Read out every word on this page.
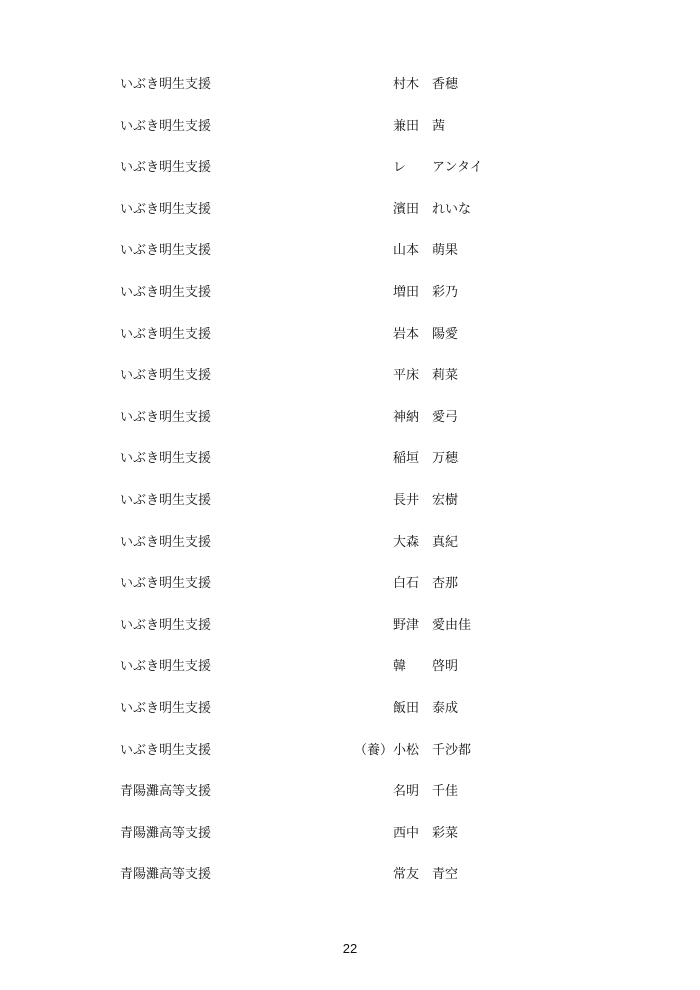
いぶき明生支援	村木 香穂
いぶき明生支援	兼田 茜
いぶき明生支援	レ アンタイ
いぶき明生支援	濱田 れいな
いぶき明生支援	山本 萌果
いぶき明生支援	増田 彩乃
いぶき明生支援	岩本 陽愛
いぶき明生支援	平床 莉菜
いぶき明生支援	神納 愛弓
いぶき明生支援	稲垣 万穂
いぶき明生支援	長井 宏樹
いぶき明生支援	大森 真紀
いぶき明生支援	白石 杏那
いぶき明生支援	野津 愛由佳
いぶき明生支援	韓 啓明
いぶき明生支援	飯田 泰成
いぶき明生支援	（養） 小松 千沙都
青陽灘高等支援	名明 千佳
青陽灘高等支援	西中 彩菜
青陽灘高等支援	常友 青空
22
